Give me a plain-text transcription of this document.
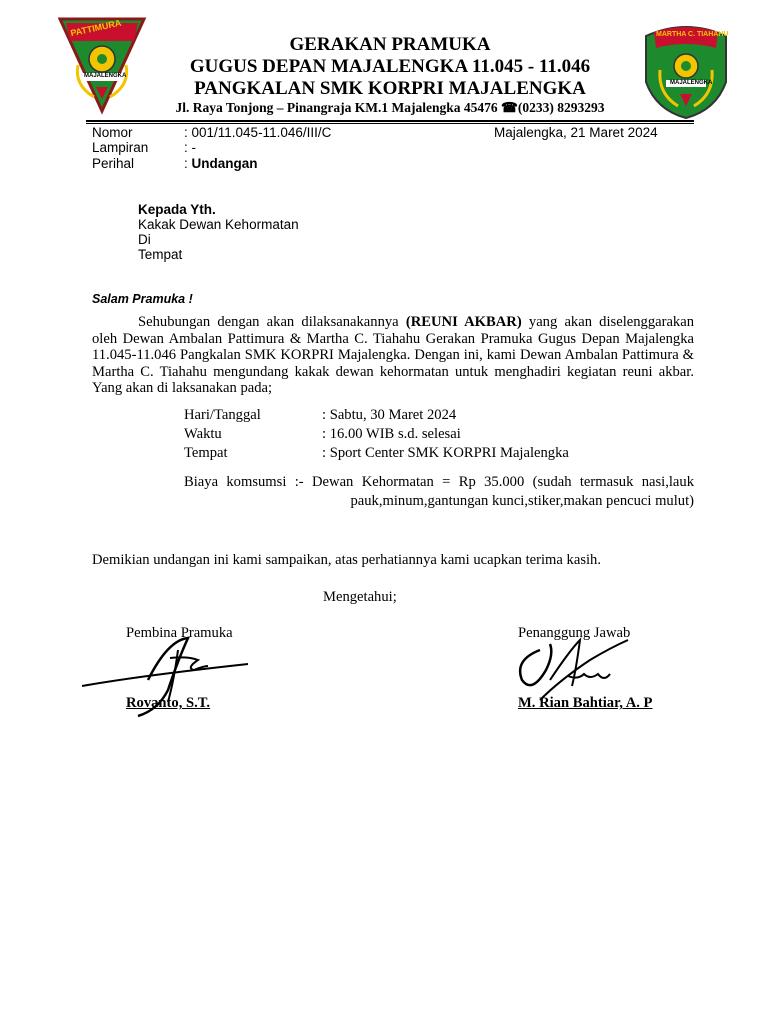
PATTIMURA
MAJALENGKA
MARTHA C. TIAHAHU
MAJALENGKA
GERAKAN PRAMUKA
GUGUS DEPAN MAJALENGKA 11.045 - 11.046
PANGKALAN SMK KORPRI MAJALENGKA
Jl. Raya Tonjong – Pinangraja KM.1 Majalengka 45476 ☎(0233) 8293293
Nomor	: 001/11.045-11.046/III/C	Majalengka, 21 Maret 2024
Lampiran	: -
Perihal	: Undangan
Kepada Yth.
Kakak Dewan Kehormatan
Di
Tempat
Salam Pramuka !
Sehubungan dengan akan dilaksanakannya (REUNI AKBAR) yang akan diselenggarakan oleh Dewan Ambalan Pattimura & Martha C. Tiahahu Gerakan Pramuka Gugus Depan Majalengka 11.045-11.046 Pangkalan SMK KORPRI Majalengka. Dengan ini, kami Dewan Ambalan Pattimura & Martha C. Tiahahu mengundang kakak dewan kehormatan untuk menghadiri kegiatan reuni akbar. Yang akan di laksanakan pada;
Hari/Tanggal	: Sabtu, 30 Maret 2024
Waktu	: 16.00 WIB s.d. selesai
Tempat	: Sport Center SMK KORPRI Majalengka
Biaya komsumsi :- Dewan Kehormatan = Rp 35.000 (sudah termasuk nasi,lauk
pauk,minum,gantungan kunci,stiker,makan pencuci mulut)
Demikian undangan ini kami sampaikan, atas perhatiannya kami ucapkan terima kasih.
Mengetahui;
Pembina Pramuka	Penanggung Jawab
Rovanto, S.T.	M. Rian Bahtiar, A. P
